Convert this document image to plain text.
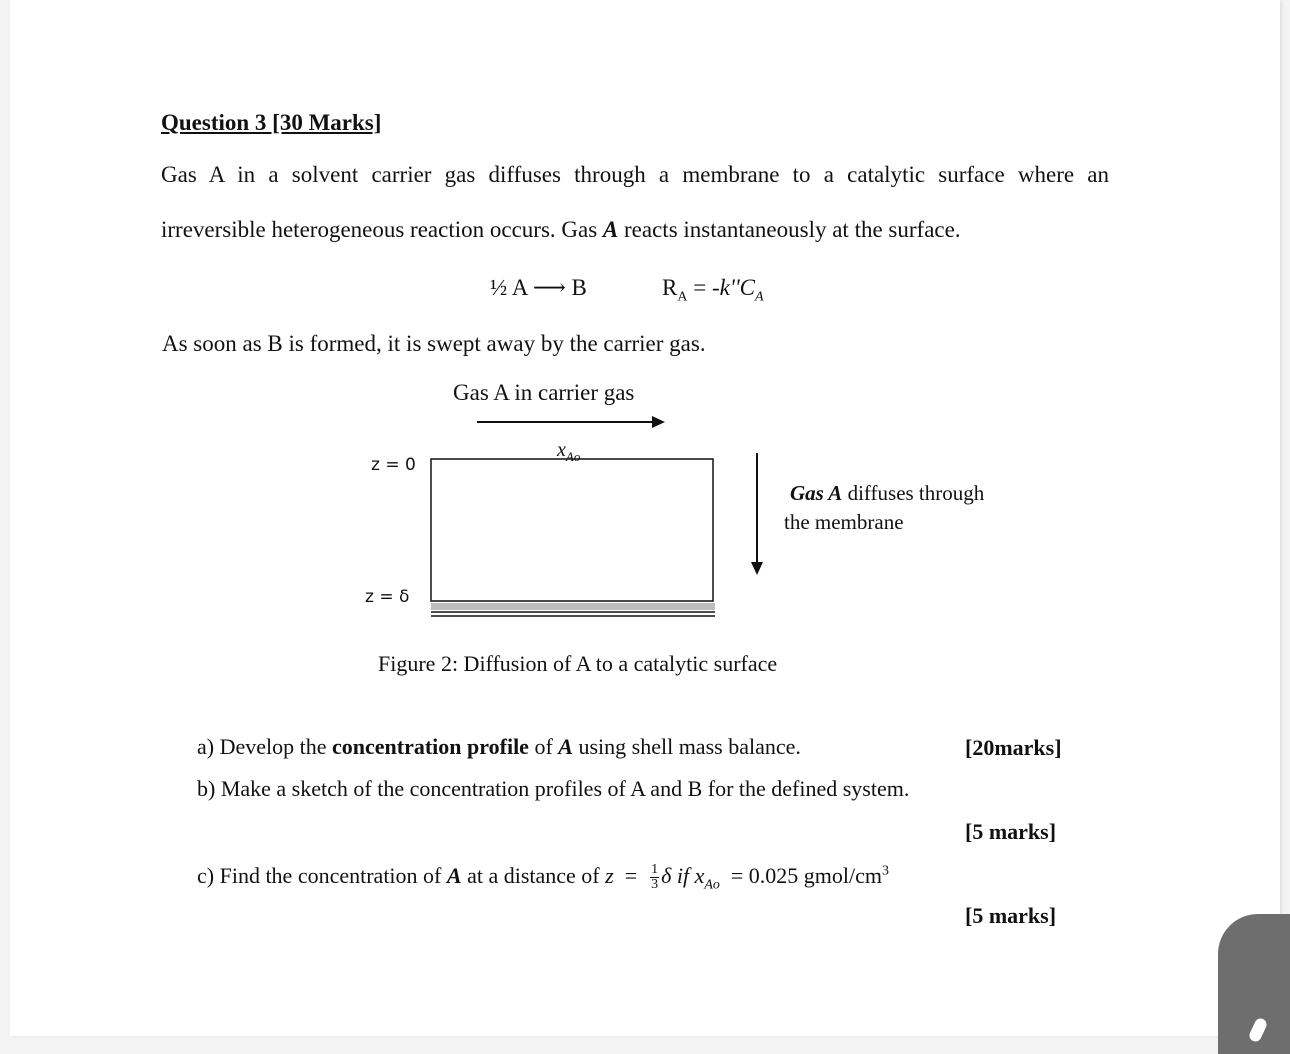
Question 3 [30 Marks]
Gas A in a solvent carrier gas diffuses through a membrane to a catalytic surface where an
irreversible heterogeneous reaction occurs. Gas A reacts instantaneously at the surface.
½ A ⟶ B	$R_A = -k''C_A$
As soon as B is formed, it is swept away by the carrier gas.
Gas A in carrier gas
$x_{Ao}$
z = 0
z = δ
Gas A diffuses through
the membrane
Figure 2: Diffusion of A to a catalytic surface
a) Develop the concentration profile of A using shell mass balance.	[20marks]
b) Make a sketch of the concentration profiles of A and B for the defined system.
[5 marks]
c) Find the concentration of A at a distance of $z = \frac{1}{3}$ δ if $x_{Ao} = 0.025$ gmol/$cm^3$
[5 marks]
